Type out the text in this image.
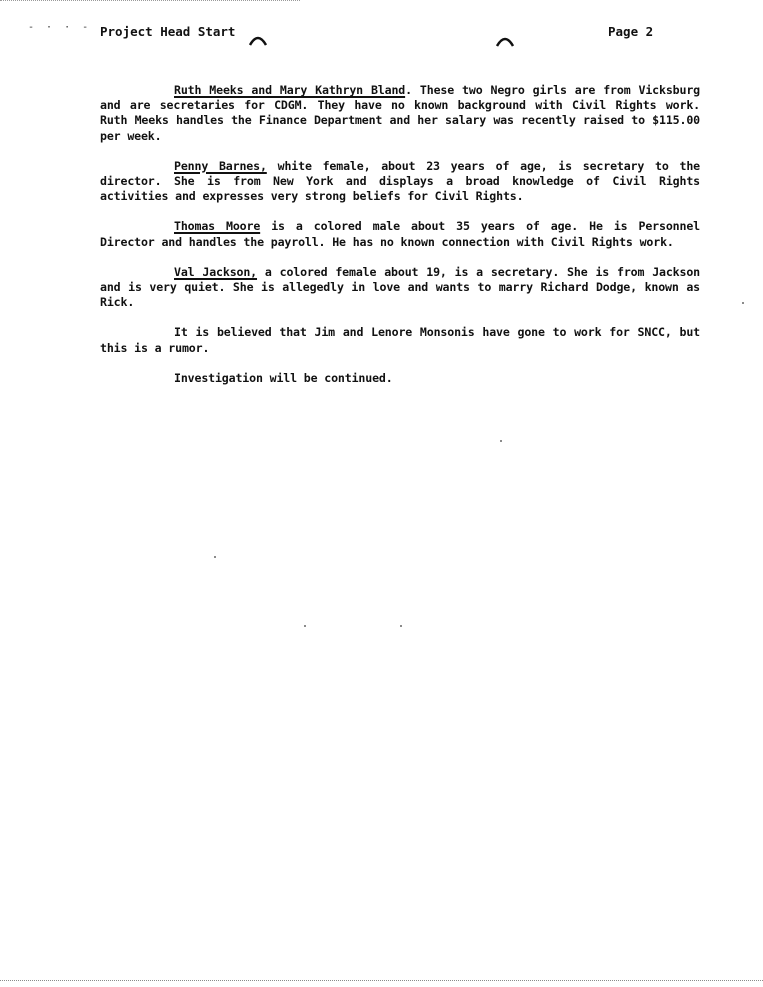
- · · - Project Head Start	Page 2

Ruth Meeks and Mary Kathryn Bland. These two Negro girls are from Vicksburg and are secretaries for CDGM. They have no known background with Civil Rights work. Ruth Meeks handles the Finance Department and her salary was recently raised to $115.00 per week.

Penny Barnes, white female, about 23 years of age, is secretary to the director. She is from New York and displays a broad knowledge of Civil Rights activities and expresses very strong beliefs for Civil Rights.

Thomas Moore is a colored male about 35 years of age. He is Personnel Director and handles the payroll. He has no known connection with Civil Rights work.

Val Jackson, a colored female about 19, is a secretary. She is from Jackson and is very quiet. She is allegedly in love and wants to marry Richard Dodge, known as Rick.

It is believed that Jim and Lenore Monsonis have gone to work for SNCC, but this is a rumor.

Investigation will be continued.
